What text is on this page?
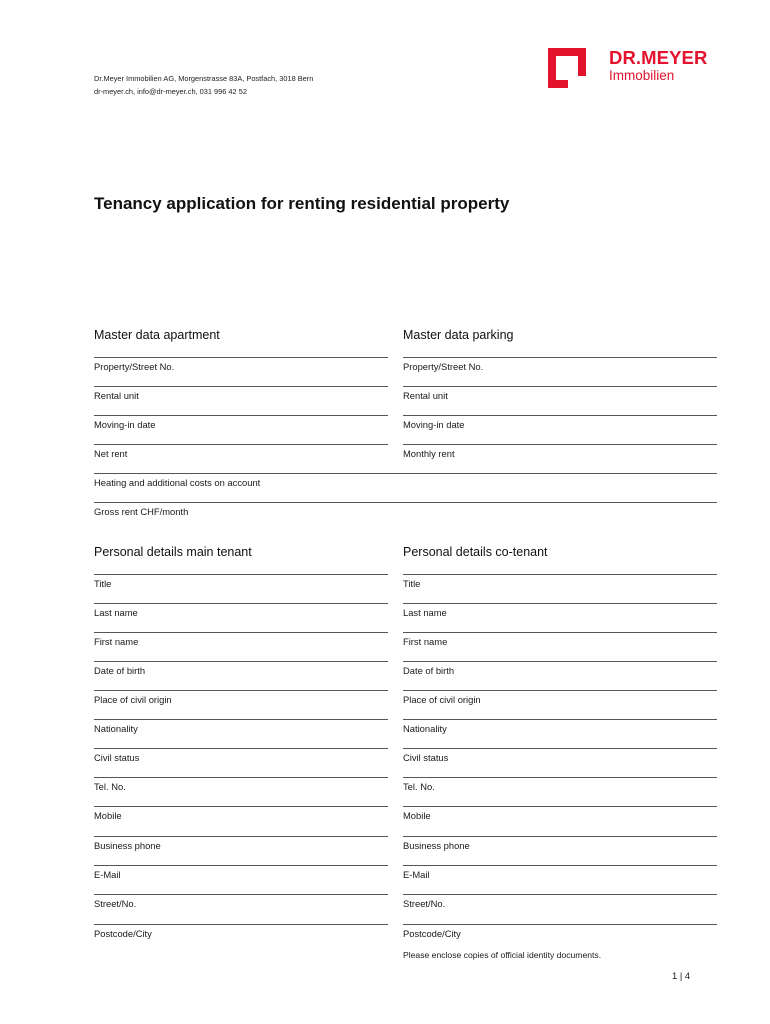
Dr.Meyer Immobilien AG, Morgenstrasse 83A, Postfach, 3018 Bern
dr-meyer.ch, info@dr-meyer.ch, 031 996 42 52
DR.MEYER
Immobilien
Tenancy application for renting residential property
Master data apartment	Master data parking
Property/Street No.
Rental unit
Moving-in date
Net rent
Property/Street No.
Rental unit
Moving-in date
Monthly rent
Heating and additional costs on account
Gross rent CHF/month
Personal details main tenant	Personal details co-tenant
Title
Last name
First name
Date of birth
Place of civil origin
Nationality
Civil status
Tel. No.
Mobile
Business phone
E-Mail
Street/No.
Postcode/City
Title
Last name
First name
Date of birth
Place of civil origin
Nationality
Civil status
Tel. No.
Mobile
Business phone
E-Mail
Street/No.
Postcode/City
Please enclose copies of official identity documents.
1 | 4
